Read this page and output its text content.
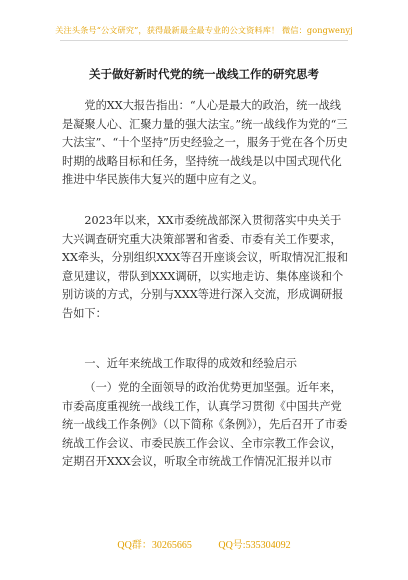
关注头条号“公文研究”，获得最新最全最专业的公文资料库！ 微信：gongwenyj
关于做好新时代党的统一战线工作的研究思考

党的XX大报告指出：“人心是最大的政治，统一战线是凝聚人心、汇聚力量的强大法宝。”统一战线作为党的“三大法宝”、“十个坚持”历史经验之一，服务于党在各个历史时期的战略目标和任务，坚持统一战线是以中国式现代化推进中华民族伟大复兴的题中应有之义。

2023年以来，XX市委统战部深入贯彻落实中央关于大兴调查研究重大决策部署和省委、市委有关工作要求，XX牵头，分别组织XXX等召开座谈会议，听取情况汇报和意见建议，带队到XXX调研，以实地走访、集体座谈和个别访谈的方式，分别与XXX等进行深入交流，形成调研报告如下：

一、近年来统战工作取得的成效和经验启示

（一）党的全面领导的政治优势更加坚强。近年来，市委高度重视统一战线工作，认真学习贯彻《中国共产党统一战线工作条例》（以下简称《条例》），先后召开了市委统战工作会议、市委民族工作会议、全市宗教工作会议，定期召开XXX会议，听取全市统战工作情况汇报并以市

QQ群：30265665	QQ号:535304092
